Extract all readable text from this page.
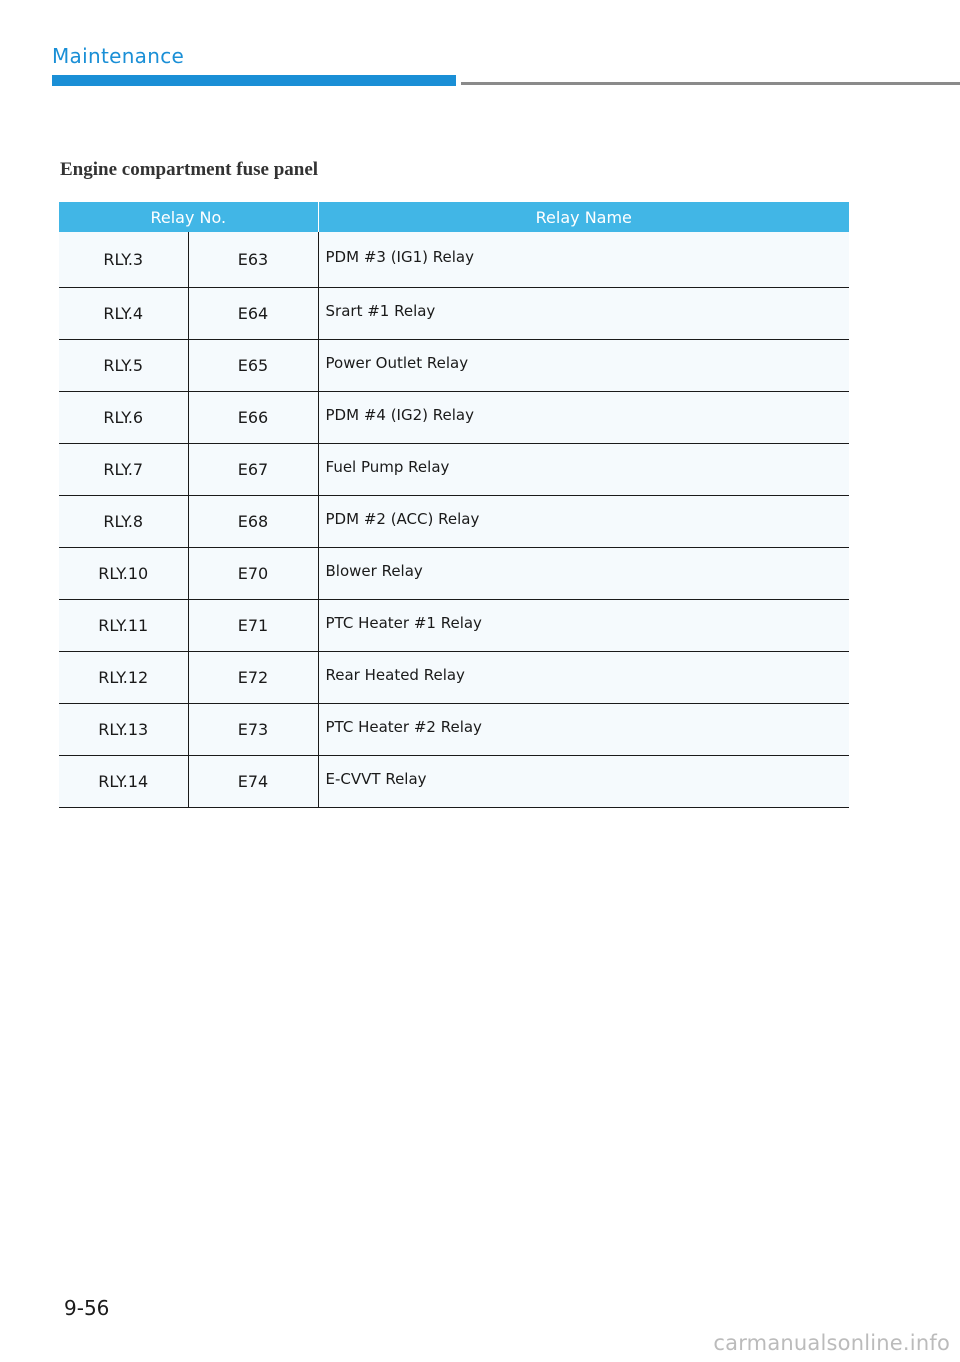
Maintenance
Engine compartment fuse panel
Relay No.		Relay Name
RLY.3	E63	PDM #3 (IG1) Relay
RLY.4	E64	Srart #1 Relay
RLY.5	E65	Power Outlet Relay
RLY.6	E66	PDM #4 (IG2) Relay
RLY.7	E67	Fuel Pump Relay
RLY.8	E68	PDM #2 (ACC) Relay
RLY.10	E70	Blower Relay
RLY.11	E71	PTC Heater #1 Relay
RLY.12	E72	Rear Heated Relay
RLY.13	E73	PTC Heater #2 Relay
RLY.14	E74	E-CVVT Relay
9-56
carmanualsonline.info
